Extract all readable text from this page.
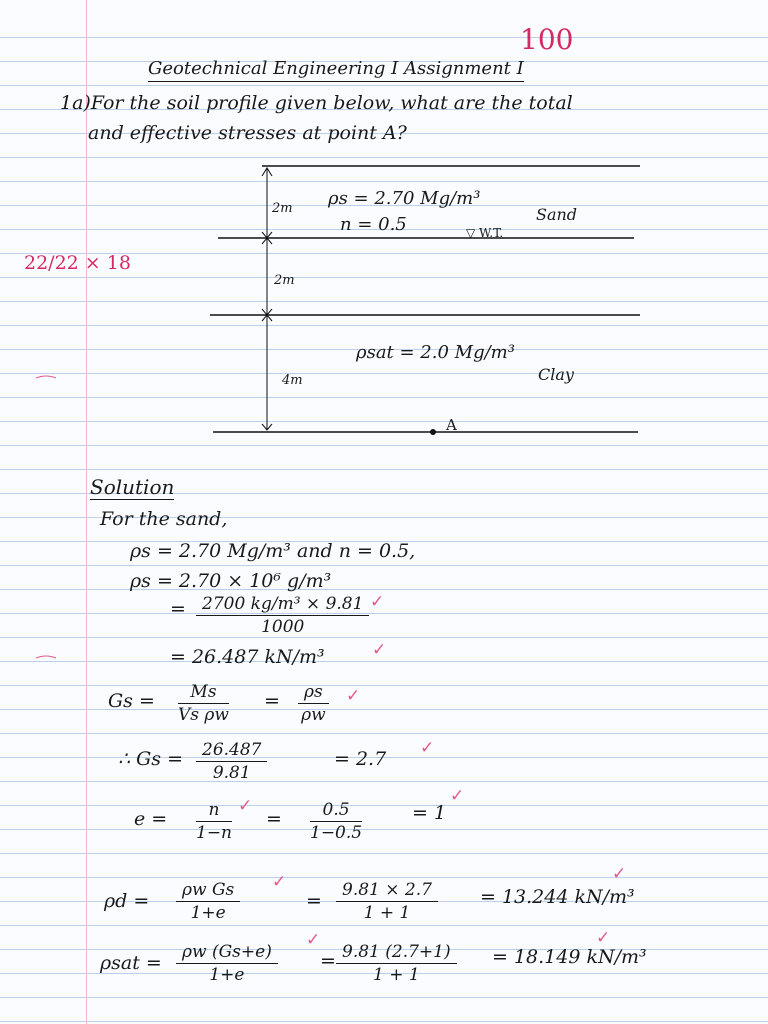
100
Geotechnical Engineering I Assignment I
1a)For the soil profile given below, what are the total
and effective stresses at point A?
2m ρs = 2.70 Mg/m³
n = 0.5	Sand
▽ W.T.
2m
4m
ρsat = 2.0 Mg/m³
Clay
A
22/22 × 18
Solution
For the sand,
ρs = 2.70 Mg/m³ and n = 0.5,
ρs = 2.70 × 10⁶ g/m³
= $\frac{\text{2700 kg/m³ × 9.81}}{1000}$ ✓
= 26.487 kN/m³	✓
$Gs = \frac{Ms}{\text{Vs ρw}} = \frac{\rho s}{\rho w}$ ✓
∴ $Gs = \frac{26.487}{9.81}$	= 2.7 ✓
$e = \frac{n}{1-n}$ ✓
= $\frac{0.5}{1-0.5}$	= 1
✓
$\rho d = \frac{\text{ρw Gs}}{1+e}$ ✓
= $\frac{9.81 \times 2.7}{1 + 1} = 13.244$ kN/m³
✓
$\rho sat = \frac{\rho w (Gs+e)}{1+e}$
✓
= $\frac{9.81 (2.7+1)}{1 + 1} = 18.149$ kN/m³
✓
